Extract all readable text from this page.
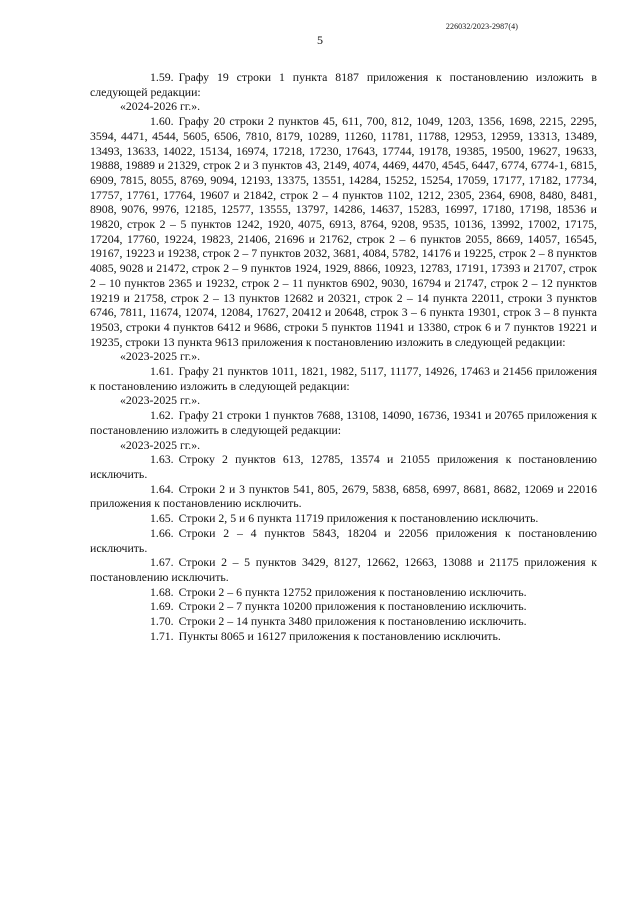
226032/2023-2987(4)
5

1.59. Графу 19 строки 1 пункта 8187 приложения к постановлению изложить в следующей редакции:

«2024-2026 гг.».

1.60. Графу 20 строки 2 пунктов 45, 611, 700, 812, 1049, 1203, 1356, 1698, 2215, 2295, 3594, 4471, 4544, 5605, 6506, 7810, 8179, 10289, 11260, 11781, 11788, 12953, 12959, 13313, 13489, 13493, 13633, 14022, 15134, 16974, 17218, 17230, 17643, 17744, 19178, 19385, 19500, 19627, 19633, 19888, 19889 и 21329, строк 2 и 3 пунктов 43, 2149, 4074, 4469, 4470, 4545, 6447, 6774, 6774-1, 6815, 6909, 7815, 8055, 8769, 9094, 12193, 13375, 13551, 14284, 15252, 15254, 17059, 17177, 17182, 17734, 17757, 17761, 17764, 19607 и 21842, строк 2 – 4 пунктов 1102, 1212, 2305, 2364, 6908, 8480, 8481, 8908, 9076, 9976, 12185, 12577, 13555, 13797, 14286, 14637, 15283, 16997, 17180, 17198, 18536 и 19820, строк 2 – 5 пунктов 1242, 1920, 4075, 6913, 8764, 9208, 9535, 10136, 13992, 17002, 17175, 17204, 17760, 19224, 19823, 21406, 21696 и 21762, строк 2 – 6 пунктов 2055, 8669, 14057, 16545, 19167, 19223 и 19238, строк 2 – 7 пунктов 2032, 3681, 4084, 5782, 14176 и 19225, строк 2 – 8 пунктов 4085, 9028 и 21472, строк 2 – 9 пунктов 1924, 1929, 8866, 10923, 12783, 17191, 17393 и 21707, строк 2 – 10 пунктов 2365 и 19232, строк 2 – 11 пунктов 6902, 9030, 16794 и 21747, строк 2 – 12 пунктов 19219 и 21758, строк 2 – 13 пунктов 12682 и 20321, строк 2 – 14 пункта 22011, строки 3 пунктов 6746, 7811, 11674, 12074, 12084, 17627, 20412 и 20648, строк 3 – 6 пункта 19301, строк 3 – 8 пункта 19503, строки 4 пунктов 6412 и 9686, строки 5 пунктов 11941 и 13380, строк 6 и 7 пунктов 19221 и 19235, строки 13 пункта 9613 приложения к постановлению изложить в следующей редакции:

«2023-2025 гг.».

1.61. Графу 21 пунктов 1011, 1821, 1982, 5117, 11177, 14926, 17463 и 21456 приложения к постановлению изложить в следующей редакции:

«2023-2025 гг.».

1.62. Графу 21 строки 1 пунктов 7688, 13108, 14090, 16736, 19341 и 20765 приложения к постановлению изложить в следующей редакции:

«2023-2025 гг.».

1.63. Строку 2 пунктов 613, 12785, 13574 и 21055 приложения к постановлению исключить.

1.64. Строки 2 и 3 пунктов 541, 805, 2679, 5838, 6858, 6997, 8681, 8682, 12069 и 22016 приложения к постановлению исключить.

1.65. Строки 2, 5 и 6 пункта 11719 приложения к постановлению исключить.

1.66. Строки 2 – 4 пунктов 5843, 18204 и 22056 приложения к постановлению исключить.

1.67. Строки 2 – 5 пунктов 3429, 8127, 12662, 12663, 13088 и 21175 приложения к постановлению исключить.

1.68. Строки 2 – 6 пункта 12752 приложения к постановлению исключить.

1.69. Строки 2 – 7 пункта 10200 приложения к постановлению исключить.

1.70. Строки 2 – 14 пункта 3480 приложения к постановлению исключить.

1.71. Пункты 8065 и 16127 приложения к постановлению исключить.
